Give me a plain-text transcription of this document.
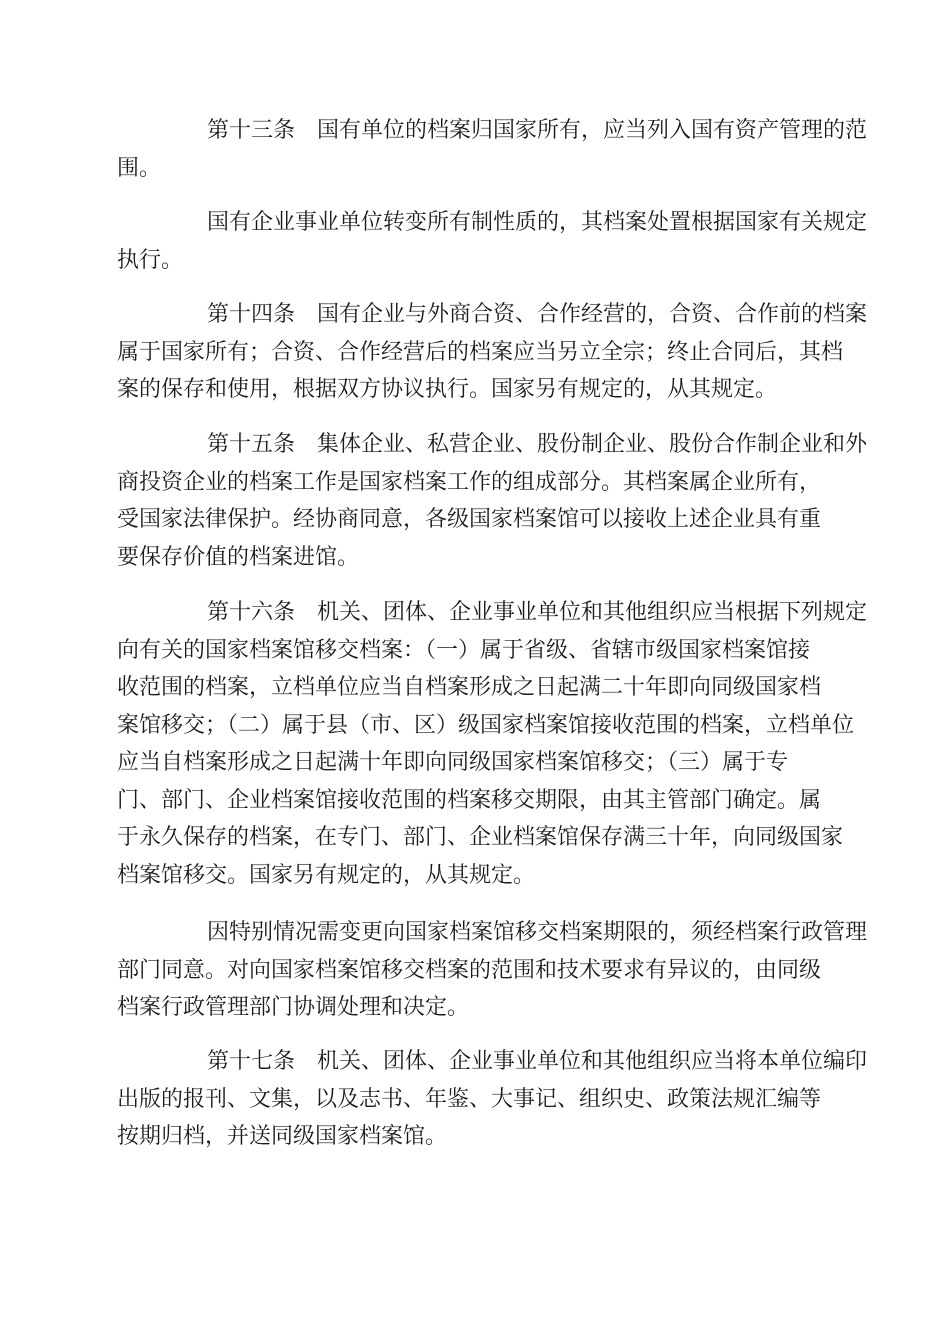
第十三条　国有单位的档案归国家所有，应当列入国有资产管理的范
围。
国有企业事业单位转变所有制性质的，其档案处置根据国家有关规定
执行。
第十四条　国有企业与外商合资、合作经营的，合资、合作前的档案
属于国家所有；合资、合作经营后的档案应当另立全宗；终止合同后，其档
案的保存和使用，根据双方协议执行。国家另有规定的，从其规定。
第十五条　集体企业、私营企业、股份制企业、股份合作制企业和外
商投资企业的档案工作是国家档案工作的组成部分。其档案属企业所有，
受国家法律保护。经协商同意，各级国家档案馆可以接收上述企业具有重
要保存价值的档案进馆。
第十六条　机关、团体、企业事业单位和其他组织应当根据下列规定
向有关的国家档案馆移交档案：（一）属于省级、省辖市级国家档案馆接
收范围的档案，立档单位应当自档案形成之日起满二十年即向同级国家档
案馆移交；（二）属于县（市、区）级国家档案馆接收范围的档案，立档单位
应当自档案形成之日起满十年即向同级国家档案馆移交；（三）属于专
门、部门、企业档案馆接收范围的档案移交期限，由其主管部门确定。属
于永久保存的档案，在专门、部门、企业档案馆保存满三十年，向同级国家
档案馆移交。国家另有规定的，从其规定。
因特别情况需变更向国家档案馆移交档案期限的，须经档案行政管理
部门同意。对向国家档案馆移交档案的范围和技术要求有异议的，由同级
档案行政管理部门协调处理和决定。
第十七条　机关、团体、企业事业单位和其他组织应当将本单位编印
出版的报刊、文集，以及志书、年鉴、大事记、组织史、政策法规汇编等
按期归档，并送同级国家档案馆。
